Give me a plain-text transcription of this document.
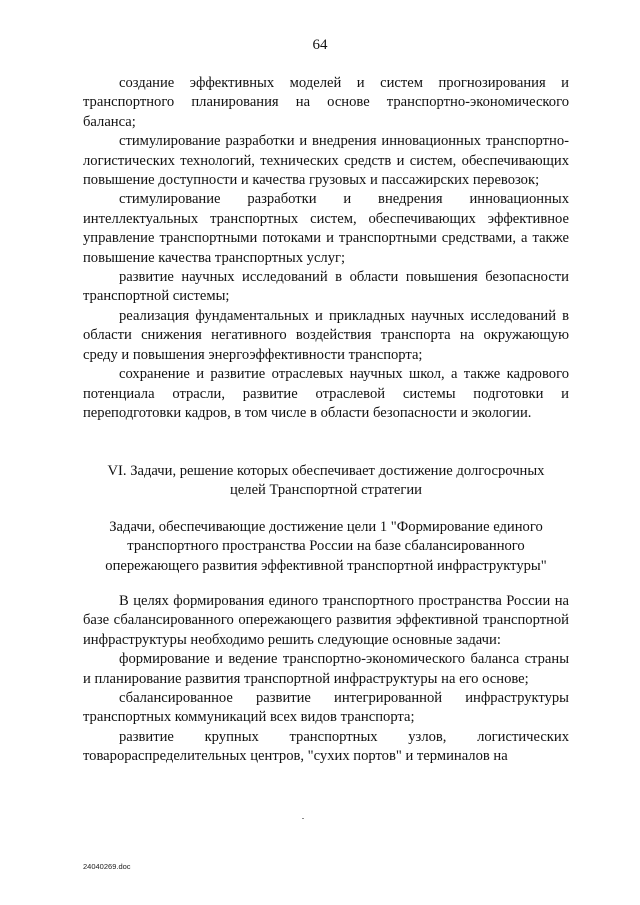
64

создание эффективных моделей и систем прогнозирования и транспортного планирования на основе транспортно-экономического баланса;

стимулирование разработки и внедрения инновационных транспортно-логистических технологий, технических средств и систем, обеспечивающих повышение доступности и качества грузовых и пассажирских перевозок;

стимулирование разработки и внедрения инновационных интеллектуальных транспортных систем, обеспечивающих эффективное управление транспортными потоками и транспортными средствами, а также повышение качества транспортных услуг;

развитие научных исследований в области повышения безопасности транспортной системы;

реализация фундаментальных и прикладных научных исследований в области снижения негативного воздействия транспорта на окружающую среду и повышения энергоэффективности транспорта;

сохранение и развитие отраслевых научных школ, а также кадрового потенциала отрасли, развитие отраслевой системы подготовки и переподготовки кадров, в том числе в области безопасности и экологии.

VI. Задачи, решение которых обеспечивает достижение долгосрочных

целей Транспортной стратегии

Задачи, обеспечивающие достижение цели 1 "Формирование единого

транспортного пространства России на базе сбалансированного

опережающего развития эффективной транспортной инфраструктуры"

В целях формирования единого транспортного пространства России на базе сбалансированного опережающего развития эффективной транспортной инфраструктуры необходимо решить следующие основные задачи:

формирование и ведение транспортно-экономического баланса страны и планирование развития транспортной инфраструктуры на его основе;

сбалансированное развитие интегрированной инфраструктуры транспортных коммуникаций всех видов транспорта;

развитие крупных транспортных узлов, логистических товарораспределительных центров, "сухих портов" и терминалов на

24040269.doc
